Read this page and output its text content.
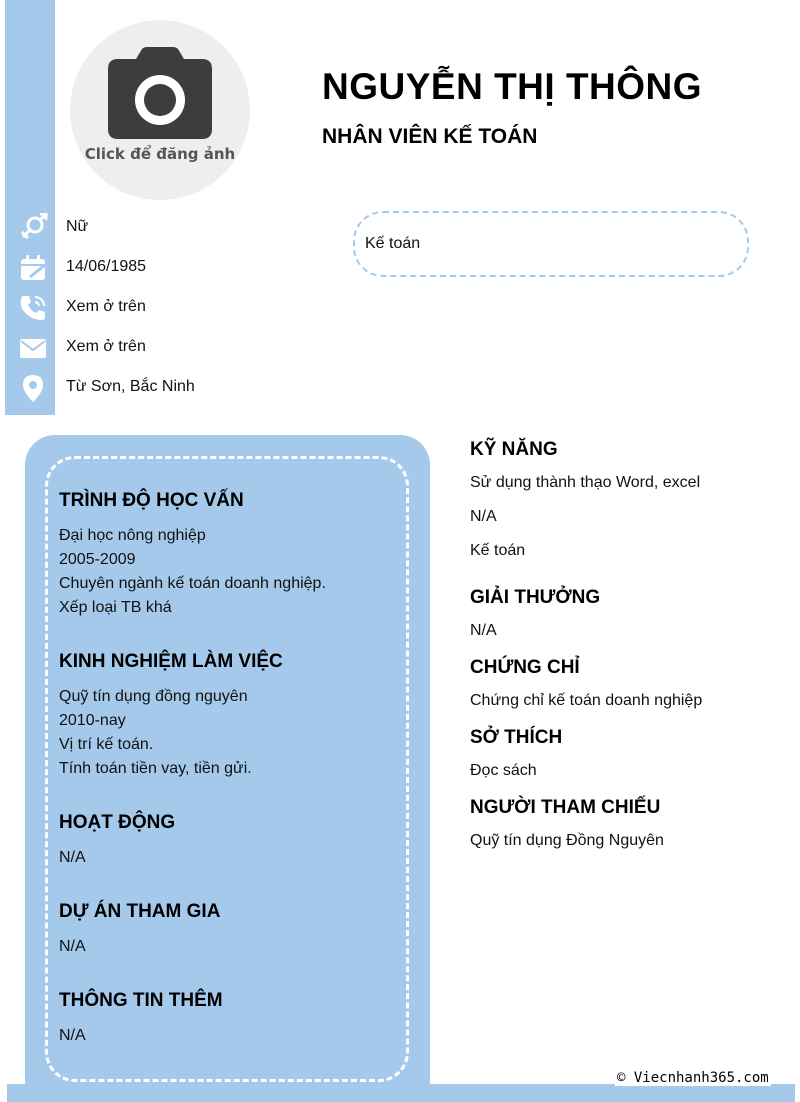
Click để đăng ảnh
NGUYỄN THỊ THÔNG
NHÂN VIÊN KẾ TOÁN
Kế toán
Nữ
14/06/1985
Xem ở trên
Xem ở trên
Từ Sơn, Bắc Ninh
TRÌNH ĐỘ HỌC VẤN
Đại học nông nghiệp
2005-2009
Chuyên ngành kế toán doanh nghiệp.
Xếp loại TB khá
KINH NGHIỆM LÀM VIỆC
Quỹ tín dụng đồng nguyên
2010-nay
Vị trí kế toán.
Tính toán tiền vay, tiền gửi.
HOẠT ĐỘNG
N/A
DỰ ÁN THAM GIA
N/A
THÔNG TIN THÊM
N/A
KỸ NĂNG
Sử dụng thành thạo Word, excel
N/A
Kế toán
GIẢI THƯỞNG
N/A
CHỨNG CHỈ
Chứng chỉ kế toán doanh nghiệp
SỞ THÍCH
Đọc sách
NGƯỜI THAM CHIẾU
Quỹ tín dụng Đồng Nguyên
© Viecnhanh365.com
